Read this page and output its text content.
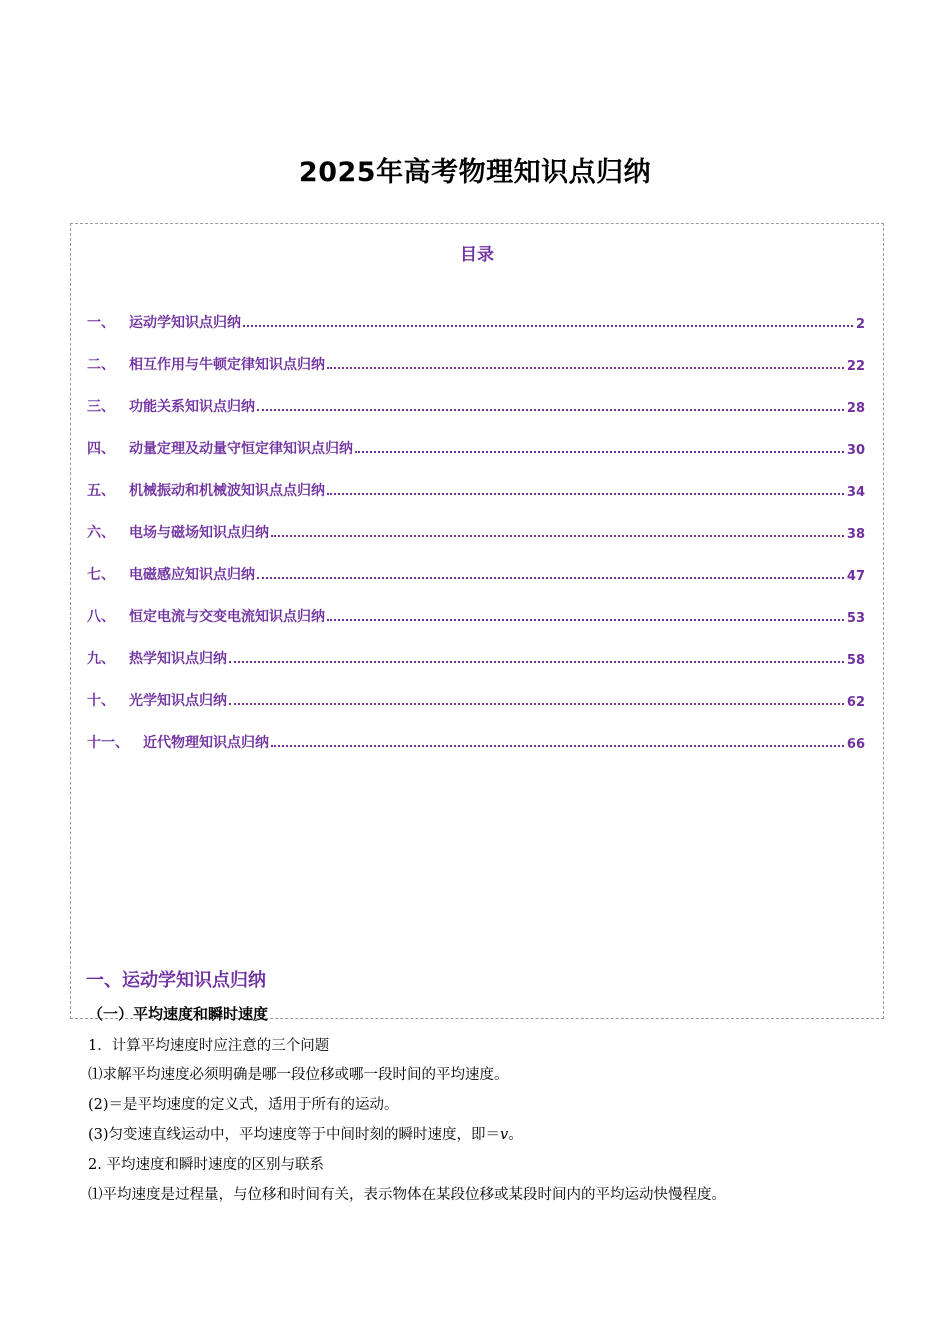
2025年高考物理知识点归纳
目录
一、 运动学知识点归纳	2
二、 相互作用与牛顿定律知识点归纳	22
三、 功能关系知识点归纳	28
四、 动量定理及动量守恒定律知识点归纳	30
五、 机械振动和机械波知识点点归纳	34
六、 电场与磁场知识点归纳	38
七、 电磁感应知识点归纳	47
八、 恒定电流与交变电流知识点归纳	53
九、 热学知识点归纳	58
十、 光学知识点归纳	62
十一、 近代物理知识点归纳	66
一、运动学知识点归纳
（一）平均速度和瞬时速度
1．计算平均速度时应注意的三个问题
⑴求解平均速度必须明确是哪一段位移或哪一段时间的平均速度。
(2)＝是平均速度的定义式，适用于所有的运动。
(3)匀变速直线运动中，平均速度等于中间时刻的瞬时速度，即＝v。
2. 平均速度和瞬时速度的区别与联系
⑴平均速度是过程量，与位移和时间有关，表示物体在某段位移或某段时间内的平均运动快慢程度。
